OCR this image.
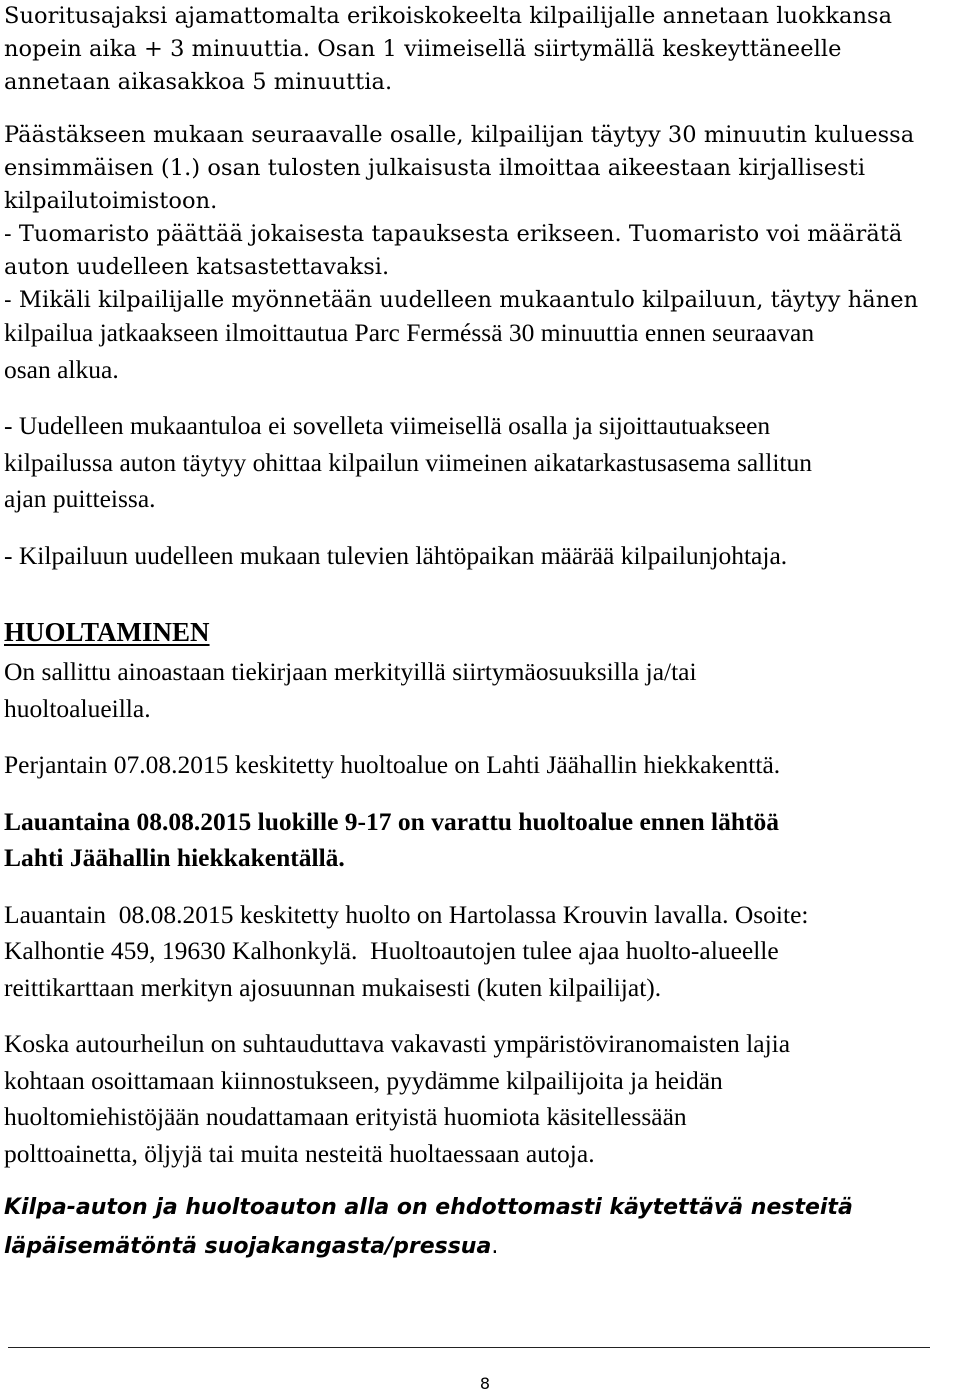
Suoritusajaksi ajamattomalta erikoiskokeelta kilpailijalle annetaan luokkansa
nopein aika + 3 minuuttia. Osan 1 viimeisellä siirtymällä keskeyttäneelle
annetaan aikasakkoa 5 minuuttia.
Päästäkseen mukaan seuraavalle osalle, kilpailijan täytyy 30 minuutin kuluessa
ensimmäisen (1.) osan tulosten julkaisusta ilmoittaa aikeestaan kirjallisesti
kilpailutoimistoon.
- Tuomaristo päättää jokaisesta tapauksesta erikseen. Tuomaristo voi määrätä
auton uudelleen katsastettavaksi.
- Mikäli kilpailijalle myönnetään uudelleen mukaantulo kilpailuun, täytyy hänen
kilpailua jatkaakseen ilmoittautua Parc Ferméssä 30 minuuttia ennen seuraavan
osan alkua.
- Uudelleen mukaantuloa ei sovelleta viimeisellä osalla ja sijoittautuakseen
kilpailussa auton täytyy ohittaa kilpailun viimeinen aikatarkastusasema sallitun
ajan puitteissa.
- Kilpailuun uudelleen mukaan tulevien lähtöpaikan määrää kilpailunjohtaja.
HUOLTAMINEN
On sallittu ainoastaan tiekirjaan merkityillä siirtymäosuuksilla ja/tai
huoltoalueilla.
Perjantain 07.08.2015 keskitetty huoltoalue on Lahti Jäähallin hiekkakenttä.
Lauantaina 08.08.2015 luokille 9-17 on varattu huoltoalue ennen lähtöä
Lahti Jäähallin hiekkakentällä.
Lauantain  08.08.2015 keskitetty huolto on Hartolassa Krouvin lavalla. Osoite:
Kalhontie 459, 19630 Kalhonkylä.  Huoltoautojen tulee ajaa huolto-alueelle
reittikarttaan merkityn ajosuunnan mukaisesti (kuten kilpailijat).
Koska autourheilun on suhtauduttava vakavasti ympäristöviranomaisten lajia
kohtaan osoittamaan kiinnostukseen, pyydämme kilpailijoita ja heidän
huoltomiehistöjään noudattamaan erityistä huomiota käsitellessään
polttoainetta, öljyjä tai muita nesteitä huoltaessaan autoja.
Kilpa-auton ja huoltoauton alla on ehdottomasti käytettävä nesteitä
läpäisemätöntä suojakangasta/pressua.
8
